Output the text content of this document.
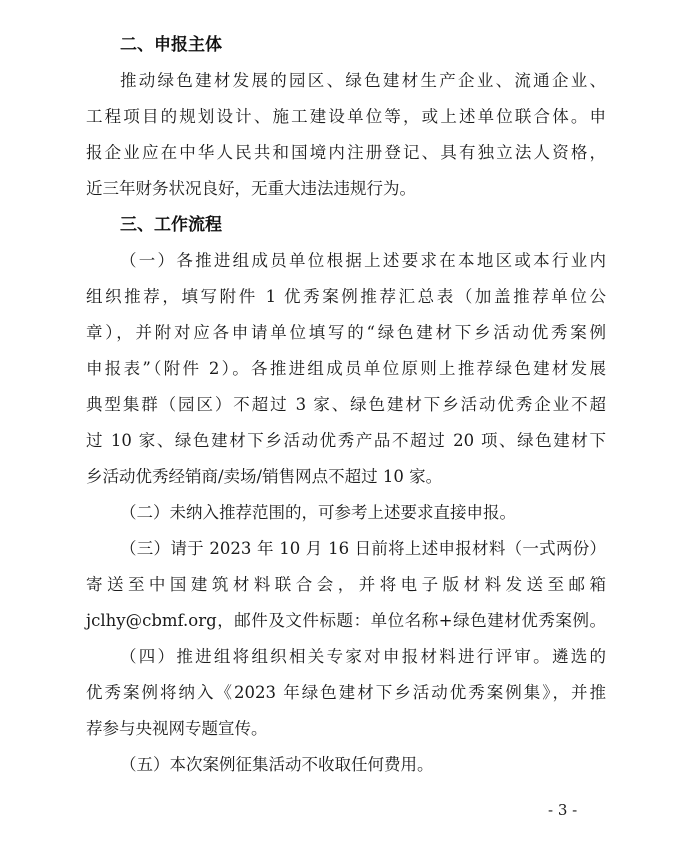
二、申报主体
推动绿色建材发展的园区、绿色建材生产企业、流通企业、
工程项目的规划设计、施工建设单位等，或上述单位联合体。申
报企业应在中华人民共和国境内注册登记、具有独立法人资格，
近三年财务状况良好，无重大违法违规行为。
三、工作流程
（一）各推进组成员单位根据上述要求在本地区或本行业内
组织推荐，填写附件 1 优秀案例推荐汇总表（加盖推荐单位公
章），并附对应各申请单位填写的“绿色建材下乡活动优秀案例
申报表”（附件 2）。各推进组成员单位原则上推荐绿色建材发展
典型集群（园区）不超过 3 家、绿色建材下乡活动优秀企业不超
过 10 家、绿色建材下乡活动优秀产品不超过 20 项、绿色建材下
乡活动优秀经销商/卖场/销售网点不超过 10 家。
（二）未纳入推荐范围的，可参考上述要求直接申报。
（三）请于 2023 年 10 月 16 日前将上述申报材料（一式两份）
寄送至中国建筑材料联合会，并将电子版材料发送至邮箱
jclhy@cbmf.org，邮件及文件标题：单位名称+绿色建材优秀案例。
（四）推进组将组织相关专家对申报材料进行评审。遴选的
优秀案例将纳入《2023 年绿色建材下乡活动优秀案例集》，并推
荐参与央视网专题宣传。
（五）本次案例征集活动不收取任何费用。
- 3 -
